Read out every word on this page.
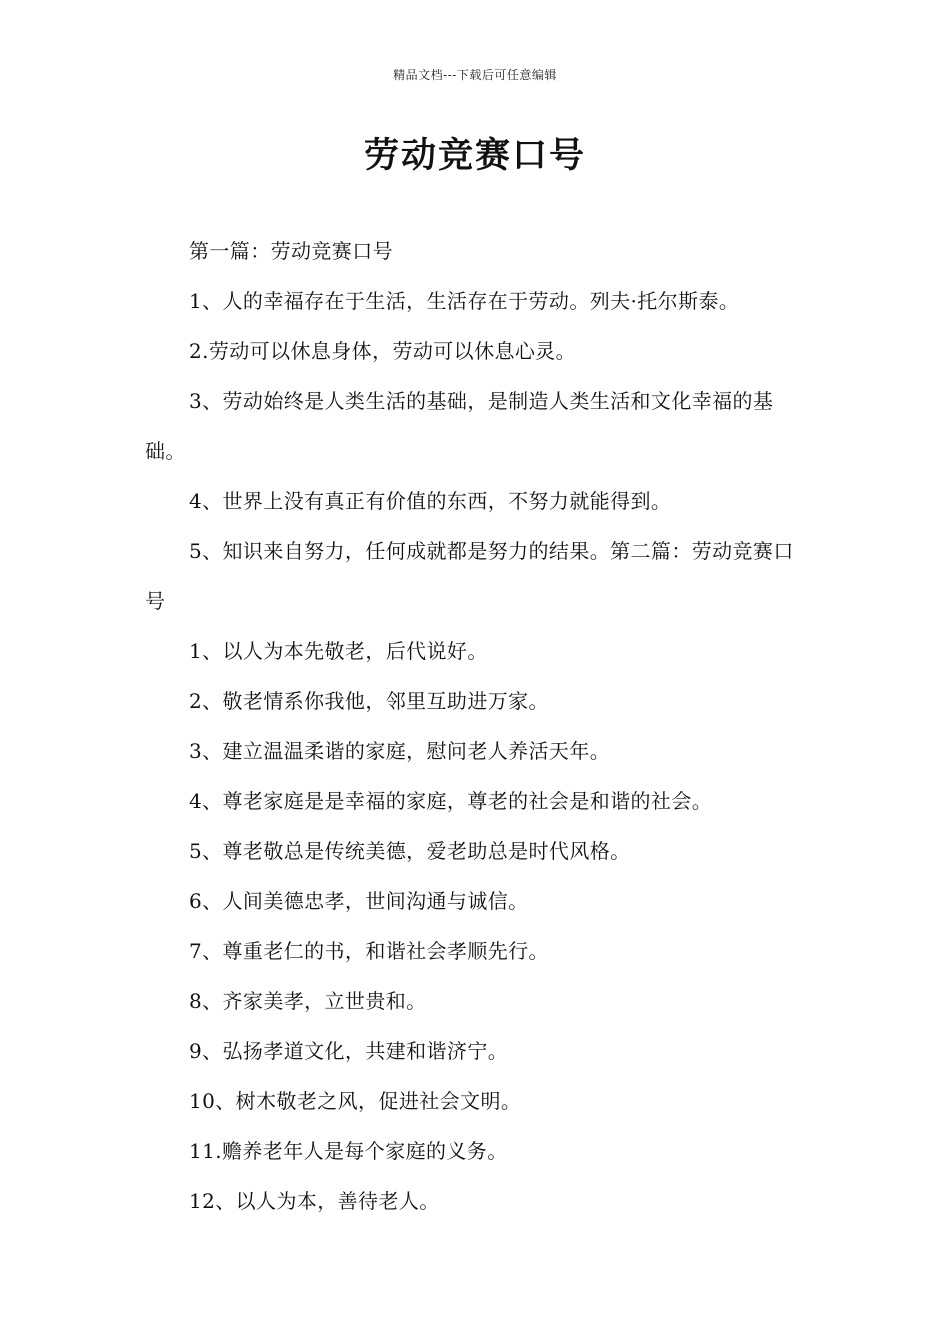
精品文档---下载后可任意编辑
劳动竞赛口号

第一篇：劳动竞赛口号

1、人的幸福存在于生活，生活存在于劳动。列夫·托尔斯泰。

2.劳动可以休息身体，劳动可以休息心灵。

3、劳动始终是人类生活的基础，是制造人类生活和文化幸福的基础。

4、世界上没有真正有价值的东西，不努力就能得到。

5、知识来自努力，任何成就都是努力的结果。第二篇：劳动竞赛口号

1、以人为本先敬老，后代说好。

2、敬老情系你我他，邻里互助进万家。

3、建立温温柔谐的家庭，慰问老人养活天年。

4、尊老家庭是是幸福的家庭，尊老的社会是和谐的社会。

5、尊老敬总是传统美德，爱老助总是时代风格。

6、人间美德忠孝，世间沟通与诚信。

7、尊重老仁的书，和谐社会孝顺先行。

8、齐家美孝，立世贵和。

9、弘扬孝道文化，共建和谐济宁。

10、树木敬老之风，促进社会文明。

11.赡养老年人是每个家庭的义务。

12、以人为本，善待老人。
